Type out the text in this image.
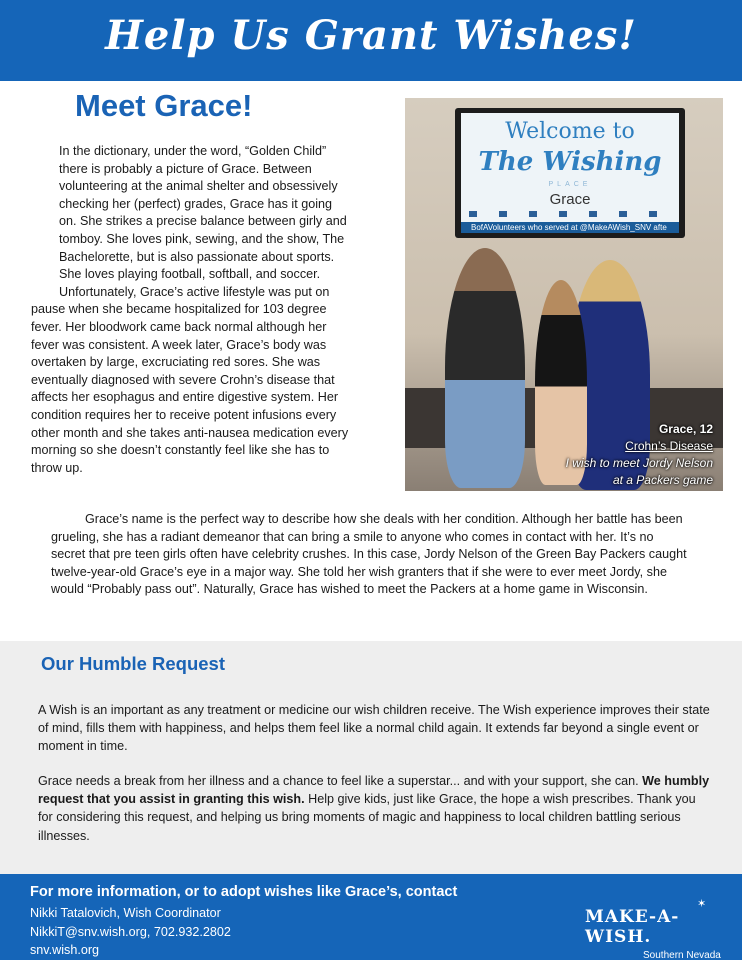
Help Us Grant Wishes!
Meet Grace!

In the dictionary, under the word, “Golden Child” there is probably a picture of Grace. Between volunteering at the animal shelter and obsessively checking her (perfect) grades, Grace has it going on. She strikes a precise balance between girly and tomboy. She loves pink, sewing, and the show, The Bachelorette, but is also passionate about sports. She loves playing football, softball, and soccer.

Unfortunately, Grace’s active lifestyle was put on pause when she became hospitalized for 103 degree fever. Her bloodwork came back normal although her fever was consistent. A week later, Grace’s body was overtaken by large, excruciating red sores. She was eventually diagnosed with severe Crohn’s disease that affects her esophagus and entire digestive system. Her condition requires her to receive potent infusions every other month and she takes anti-nausea medication every morning so she doesn’t constantly feel like she has to throw up.

Welcome to
The Wishing
PLACE
Grace
BofAVolunteers who served at @MakeAWish_SNV afte
Grace, 12
Crohn’s Disease
I wish to meet Jordy Nelson
at a Packers game

Grace’s name is the perfect way to describe how she deals with her condition. Although her battle has been grueling, she has a radiant demeanor that can bring a smile to anyone who comes in contact with her. It’s no secret that pre teen girls often have celebrity crushes. In this case, Jordy Nelson of the Green Bay Packers caught twelve-year-old Grace’s eye in a major way. She told her wish granters that if she were to ever meet Jordy, she would “Probably pass out”. Naturally, Grace has wished to meet the Packers at a home game in Wisconsin.

Our Humble Request

A Wish is an important as any treatment or medicine our wish children receive. The Wish experience improves their state of mind, fills them with happiness, and helps them feel like a normal child again. It extends far beyond a single event or moment in time.

Grace needs a break from her illness and a chance to feel like a superstar... and with your support, she can. We humbly request that you assist in granting this wish. Help give kids, just like Grace, the hope a wish prescribes. Thank you for considering this request, and helping us bring moments of magic and happiness to local children battling serious illnesses.

For more information, or to adopt wishes like Grace’s, contact
Nikki Tatalovich, Wish Coordinator
NikkiT@snv.wish.org, 702.932.2802
snv.wish.org
✶
MAKE-A-WISH.
Southern Nevada
